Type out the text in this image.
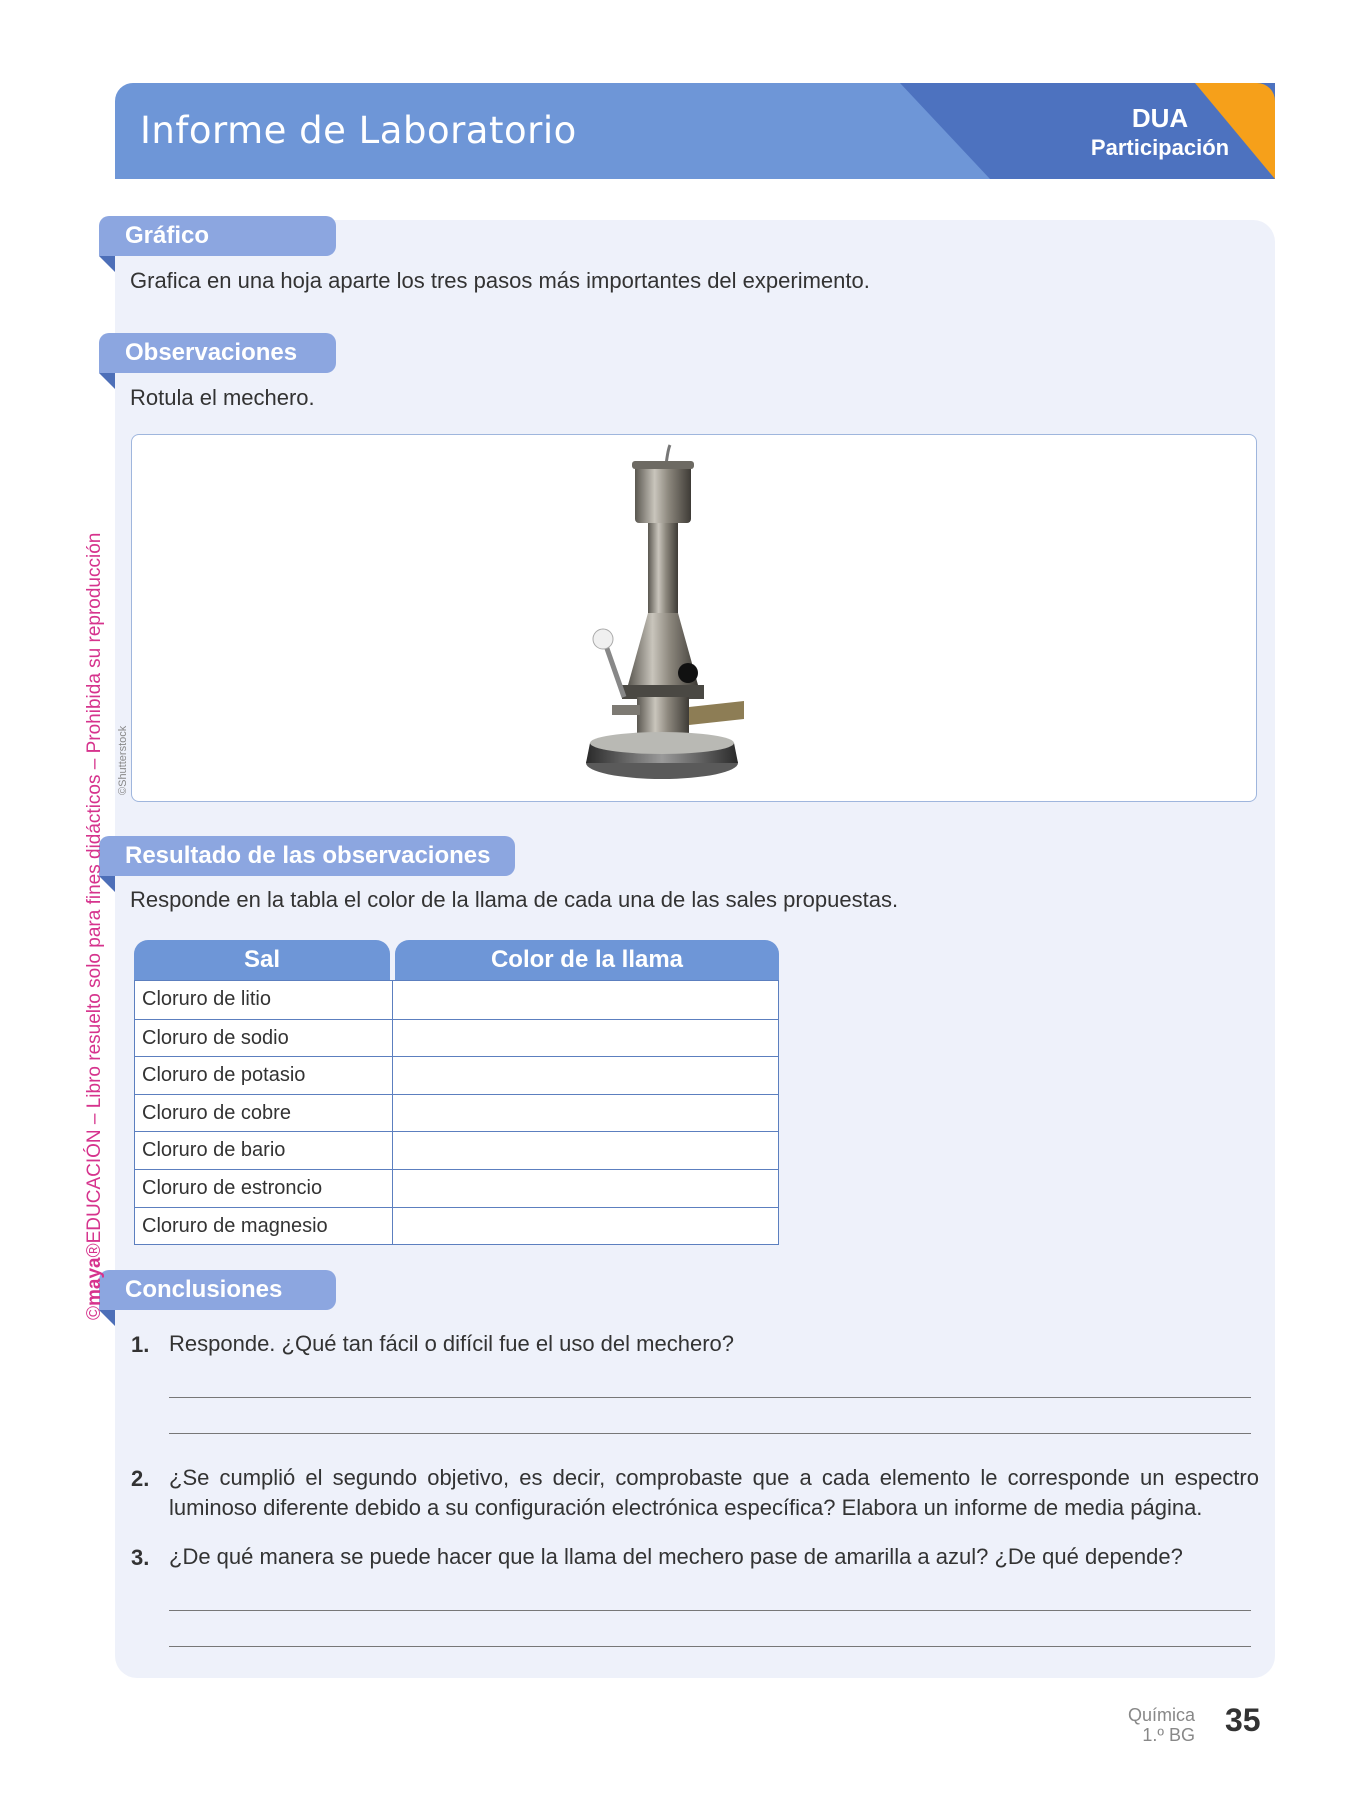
Informe de Laboratorio	DUA
Participación
Gráfico
Grafica en una hoja aparte los tres pasos más importantes del experimento.
Observaciones
Rotula el mechero.
©Shutterstock
Resultado de las observaciones
Responde en la tabla el color de la llama de cada una de las sales propuestas.
Sal	Color de la llama
Cloruro de litio
Cloruro de sodio
Cloruro de potasio
Cloruro de cobre
Cloruro de bario
Cloruro de estroncio
Cloruro de magnesio
Conclusiones
1. Responde. ¿Qué tan fácil o difícil fue el uso del mechero?
2. ¿Se cumplió el segundo objetivo, es decir, comprobaste que a cada elemento le corresponde un espectro luminoso diferente debido a su configuración electrónica específica? Elabora un informe de media página.
3. ¿De qué manera se puede hacer que la llama del mechero pase de amarilla a azul? ¿De qué depende?
©maya®EDUCACIÓN – Libro resuelto solo para fines didácticos – Prohibida su reproducción
Química
1.º BG 35
